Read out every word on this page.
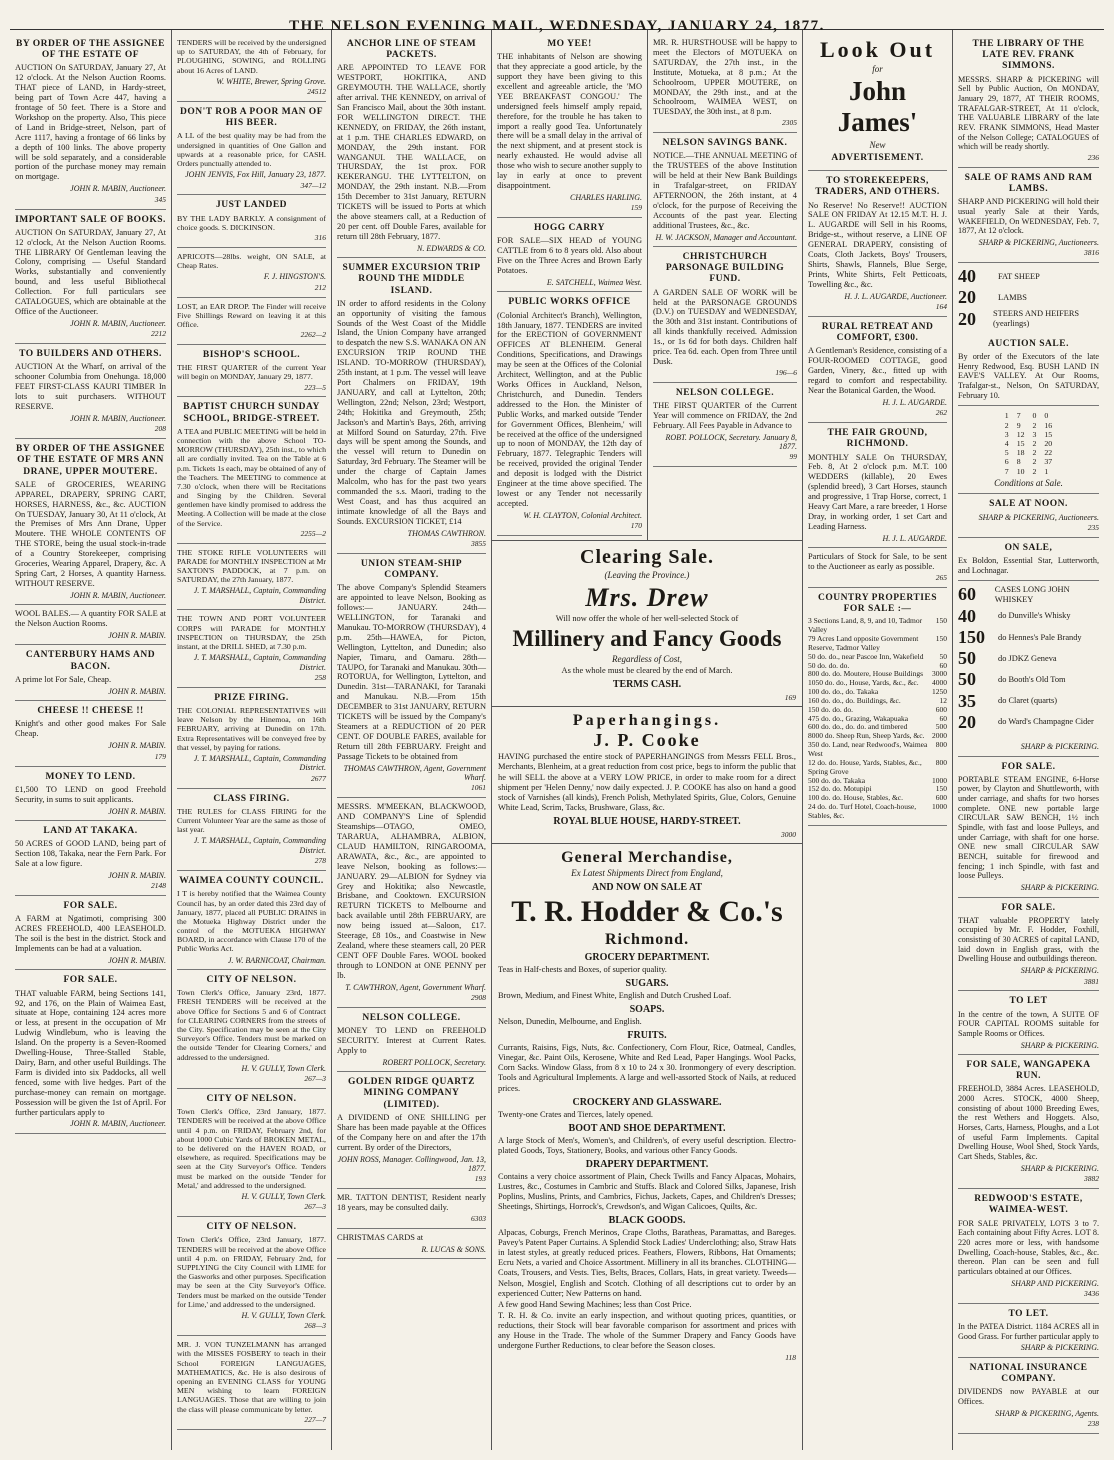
THE NELSON EVENING MAIL, WEDNESDAY, JANUARY 24, 1877.
BY ORDER OF THE ASSIGNEE OF THE ESTATE OF

AUCTION On SATURDAY, January 27, At 12 o'clock. At the Nelson Auction Rooms. THAT piece of LAND, in Hardy-street, being part of Town Acre 447, having a frontage of 50 feet. There is a Store and Workshop on the property. Also, This piece of Land in Bridge-street, Nelson, part of Acre 1117, having a frontage of 66 links by a depth of 100 links. The above property will be sold separately, and a considerable portion of the purchase money may remain on mortgage.

JOHN R. MABIN, Auctioneer.
345
IMPORTANT SALE OF BOOKS.

AUCTION On SATURDAY, January 27, At 12 o'clock, At the Nelson Auction Rooms. THE LIBRARY Of Gentleman leaving the Colony, comprising — Useful Standard Works, substantially and conveniently bound, and less useful Bibliothecal Collection. For full particulars see CATALOGUES, which are obtainable at the Office of the Auctioneer.

JOHN R. MABIN, Auctioneer.
2212
TO BUILDERS AND OTHERS.

AUCTION At the Wharf, on arrival of the schooner Columbia from Onehunga. 18,000 FEET FIRST-CLASS KAURI TIMBER In lots to suit purchasers. WITHOUT RESERVE.

JOHN R. MABIN, Auctioneer.
208
BY ORDER OF THE ASSIGNEE OF THE ESTATE OF MRS ANN DRANE, UPPER MOUTERE.

SALE of GROCERIES, WEARING APPAREL, DRAPERY, SPRING CART, HORSES, HARNESS, &c., &c. AUCTION On TUESDAY, January 30, At 11 o'clock, At the Premises of Mrs Ann Drane, Upper Moutere. THE WHOLE CONTENTS OF THE STORE, being the usual stock-in-trade of a Country Storekeeper, comprising Groceries, Wearing Apparel, Drapery, &c. A Spring Cart, 2 Horses, A quantity Harness. WITHOUT RESERVE.

JOHN R. MABIN, Auctioneer.

WOOL BALES.— A quantity FOR SALE at the Nelson Auction Rooms.

JOHN R. MABIN.
CANTERBURY HAMS AND BACON.

A prime lot For Sale, Cheap.

JOHN R. MABIN.
CHEESE !! CHEESE !!

Knight's and other good makes For Sale Cheap.

JOHN R. MABIN.
179
MONEY TO LEND.

£1,500 TO LEND on good Freehold Security, in sums to suit applicants.

JOHN R. MABIN.
LAND AT TAKAKA.

50 ACRES of GOOD LAND, being part of Section 108, Takaka, near the Fern Park. For Sale at a low figure.

JOHN R. MABIN.
2148
FOR SALE.

A FARM at Ngatimoti, comprising 300 ACRES FREEHOLD, 400 LEASEHOLD. The soil is the best in the district. Stock and Implements can be had at a valuation.

JOHN R. MABIN.
FOR SALE.

THAT valuable FARM, being Sections 141, 92, and 176, on the Plain of Waimea East, situate at Hope, containing 124 acres more or less, at present in the occupation of Mr Ludwig Windlebum, who is leaving the Island. On the property is a Seven-Roomed Dwelling-House, Three-Stalled Stable, Dairy, Barn, and other useful Buildings. The Farm is divided into six Paddocks, all well fenced, some with live hedges. Part of the purchase-money can remain on mortgage. Possession will be given the 1st of April. For further particulars apply to

JOHN R. MABIN, Auctioneer.

TENDERS will be received by the undersigned up to SATURDAY, the 4th of February, for PLOUGHING, SOWING, and ROLLING about 16 Acres of LAND.

W. WHITE, Brewer, Spring Grove.
24512
DON'T ROB A POOR MAN OF HIS BEER.

A LL of the best quality may be had from the undersigned in quantities of One Gallon and upwards at a reasonable price, for CASH. Orders punctually attended to.

JOHN JENVIS, Fox Hill, January 23, 1877.
347—12
JUST LANDED

BY THE LADY BARKLY. A consignment of choice goods. S. DICKINSON.

316

APRICOTS—28lbs. weight, ON SALE, at Cheap Rates.

F. J. HINGSTON'S.
212

LOST, an EAR DROP. The Finder will receive Five Shillings Reward on leaving it at this Office.

2262—2
BISHOP'S SCHOOL.

THE FIRST QUARTER of the current Year will begin on MONDAY, January 29, 1877.

223—5
BAPTIST CHURCH SUNDAY SCHOOL, BRIDGE-STREET.

A TEA and PUBLIC MEETING will be held in connection with the above School TO-MORROW (THURSDAY), 25th inst., to which all are cordially invited. Tea on the Table at 6 p.m. Tickets 1s each, may be obtained of any of the Teachers. The MEETING to commence at 7.30 o'clock, when there will be Recitations and Singing by the Children. Several gentlemen have kindly promised to address the Meeting. A Collection will be made at the close of the Service.

2255—2

THE STOKE RIFLE VOLUNTEERS will PARADE for MONTHLY INSPECTION at Mr SAXTON'S PADDOCK, at 7 p.m. on SATURDAY, the 27th January, 1877.

J. T. MARSHALL, Captain, Commanding District.

THE TOWN AND PORT VOLUNTEER CORPS will PARADE for MONTHLY INSPECTION on THURSDAY, the 25th instant, at the DRILL SHED, at 7.30 p.m.

J. T. MARSHALL, Captain, Commanding District.
258
PRIZE FIRING.

THE COLONIAL REPRESENTATIVES will leave Nelson by the Hinemoa, on 16th FEBRUARY, arriving at Dunedin on 17th. Extra Representatives will be conveyed free by that vessel, by paying for rations.

J. T. MARSHALL, Captain, Commanding District.
2677
CLASS FIRING.

THE RULES for CLASS FIRING for the Current Volunteer Year are the same as those of last year.

J. T. MARSHALL, Captain, Commanding District.
278
WAIMEA COUNTY COUNCIL.

I T is hereby notified that the Waimea County Council has, by an order dated this 23rd day of January, 1877, placed all PUBLIC DRAINS in the Motueka Highway District under the control of the MOTUEKA HIGHWAY BOARD, in accordance with Clause 170 of the Public Works Act.

J. W. BARNICOAT, Chairman.
CITY OF NELSON.

Town Clerk's Office, January 23rd, 1877. FRESH TENDERS will be received at the above Office for Sections 5 and 6 of Contract for CLEARING CORNERS from the streets of the City. Specification may be seen at the City Surveyor's Office. Tenders must be marked on the outside 'Tender for Clearing Corners,' and addressed to the undersigned.

H. V. GULLY, Town Clerk.
267—3
CITY OF NELSON.

Town Clerk's Office, 23rd January, 1877. TENDERS will be received at the above Office until 4 p.m. on FRIDAY, February 2nd, for about 1000 Cubic Yards of BROKEN METAL, to be delivered on the HAVEN ROAD, or elsewhere, as required. Specifications may be seen at the City Surveyor's Office. Tenders must be marked on the outside 'Tender for Metal,' and addressed to the undersigned.

H. V. GULLY, Town Clerk.
267—3
CITY OF NELSON.

Town Clerk's Office, 23rd January, 1877. TENDERS will be received at the above Office until 4 p.m. on FRIDAY, February 2nd, for SUPPLYING the City Council with LIME for the Gasworks and other purposes. Specification may be seen at the City Surveyor's Office. Tenders must be marked on the outside 'Tender for Lime,' and addressed to the undersigned.

H. V. GULLY, Town Clerk.
268—3

MR. J. VON TUNZELMANN has arranged with the MISSES FOSBERY to teach in their School FOREIGN LANGUAGES, MATHEMATICS, &c. He is also desirous of opening an EVENING CLASS for YOUNG MEN wishing to learn FOREIGN LANGUAGES. Those that are willing to join the class will please communicate by letter.

227—7
ANCHOR LINE OF STEAM PACKETS.

ARE APPOINTED TO LEAVE FOR WESTPORT, HOKITIKA, AND GREYMOUTH. THE WALLACE, shortly after arrival. THE KENNEDY, on arrival of San Francisco Mail, about the 30th instant. FOR WELLINGTON DIRECT. THE KENNEDY, on FRIDAY, the 26th instant, at 1 p.m. THE CHARLES EDWARD, on MONDAY, the 29th instant. FOR WANGANUI. THE WALLACE, on THURSDAY, the 1st prox. FOR KEKERANGU. THE LYTTELTON, on MONDAY, the 29th instant. N.B.—From 15th December to 31st January, RETURN TICKETS will be issued to Ports at which the above steamers call, at a Reduction of 20 per cent. off Double Fares, available for return till 28th February, 1877.

N. EDWARDS & CO.
SUMMER EXCURSION TRIP ROUND THE MIDDLE ISLAND.

IN order to afford residents in the Colony an opportunity of visiting the famous Sounds of the West Coast of the Middle Island, the Union Company have arranged to despatch the new S.S. WANAKA ON AN EXCURSION TRIP ROUND THE ISLAND. TO-MORROW (THURSDAY), 25th instant, at 1 p.m. The vessel will leave Port Chalmers on FRIDAY, 19th JANUARY, and call at Lyttelton, 20th; Wellington, 22nd; Nelson, 23rd; Westport, 24th; Hokitika and Greymouth, 25th; Jackson's and Martin's Bays, 26th, arriving at Milford Sound on Saturday, 27th. Five days will be spent among the Sounds, and the vessel will return to Dunedin on Saturday, 3rd February. The Steamer will be under the charge of Captain James Malcolm, who has for the past two years commanded the s.s. Maori, trading to the West Coast, and has thus acquired an intimate knowledge of all the Bays and Sounds. EXCURSION TICKET, £14

THOMAS CAWTHRON.
3855
UNION STEAM-SHIP COMPANY.

The above Company's Splendid Steamers are appointed to leave Nelson, Booking as follows:— JANUARY. 24th—WELLINGTON, for Taranaki and Manukau. TO-MORROW (THURSDAY), 4 p.m. 25th—HAWEA, for Picton, Wellington, Lyttelton, and Dunedin; also Napier, Timaru, and Oamaru. 28th—TAUPO, for Taranaki and Manukau. 30th—ROTORUA, for Wellington, Lyttelton, and Dunedin. 31st—TARANAKI, for Taranaki and Manukau. N.B.—From 15th DECEMBER to 31st JANUARY, RETURN TICKETS will be issued by the Company's Steamers at a REDUCTION of 20 PER CENT. OF DOUBLE FARES, available for Return till 28th FEBRUARY. Freight and Passage Tickets to be obtained from

THOMAS CAWTHRON, Agent, Government Wharf.
1061

MESSRS. M'MEEKAN, BLACKWOOD, AND COMPANY'S Line of Splendid Steamships—OTAGO, OMEO, TARARUA, ALHAMBRA, ALBION, CLAUD HAMILTON, RINGAROOMA, ARAWATA, &c., &c., are appointed to leave Nelson, booking as follows:— JANUARY. 29—ALBION for Sydney via Grey and Hokitika; also Newcastle, Brisbane, and Cooktown. EXCURSION RETURN TICKETS to Melbourne and back available until 28th FEBRUARY, are now being issued at—Saloon, £17. Steerage, £8 10s., and Coastwise in New Zealand, where these steamers call, 20 PER CENT OFF Double Fares. WOOL booked through to LONDON at ONE PENNY per lb.

T. CAWTHRON, Agent, Government Wharf.
2908
NELSON COLLEGE.

MONEY TO LEND on FREEHOLD SECURITY. Interest at Current Rates. Apply to

ROBERT POLLOCK, Secretary.
GOLDEN RIDGE QUARTZ MINING COMPANY (LIMITED).

A DIVIDEND of ONE SHILLING per Share has been made payable at the Offices of the Company here on and after the 17th current. By order of the Directors,

JOHN ROSS, Manager. Collingwood, Jan. 13, 1877.
193

MR. TATTON DENTIST, Resident nearly 18 years, may be consulted daily.

6303

CHRISTMAS CARDS at

R. LUCAS & SONS.
MO YEE!

THE inhabitants of Nelson are showing that they appreciate a good article, by the support they have been giving to this excellent and agreeable article, the 'MO YEE BREAKFAST CONGOU.' The undersigned feels himself amply repaid, therefore, for the trouble he has taken to import a really good Tea. Unfortunately there will be a small delay in the arrival of the next shipment, and at present stock is nearly exhausted. He would advise all those who wish to secure another supply to lay in early at once to prevent disappointment.

CHARLES HARLING.
159
HOGG CARRY

FOR SALE—SIX HEAD of YOUNG CATTLE from 6 to 8 years old. Also about Five on the Three Acres and Brown Early Potatoes.

E. SATCHELL, Waimea West.
PUBLIC WORKS OFFICE

(Colonial Architect's Branch), Wellington, 18th January, 1877. TENDERS are invited for the ERECTION of GOVERNMENT OFFICES AT BLENHEIM. General Conditions, Specifications, and Drawings may be seen at the Offices of the Colonial Architect, Wellington, and at the Public Works Offices in Auckland, Nelson, Christchurch, and Dunedin. Tenders addressed to the Hon. the Minister of Public Works, and marked outside 'Tender for Government Offices, Blenheim,' will be received at the office of the undersigned up to noon of MONDAY, the 12th day of February, 1877. Telegraphic Tenders will be received, provided the original Tender and deposit is lodged with the District Engineer at the time above specified. The lowest or any Tender not necessarily accepted.

W. H. CLAYTON, Colonial Architect.
170

MR. R. HURSTHOUSE will be happy to meet the Electors of MOTUEKA on SATURDAY, the 27th inst., in the Institute, Motueka, at 8 p.m.; At the Schoolroom, UPPER MOUTERE, on MONDAY, the 29th inst., and at the Schoolroom, WAIMEA WEST, on TUESDAY, the 30th inst., at 8 p.m.

2305
NELSON SAVINGS BANK.

NOTICE.—THE ANNUAL MEETING of the TRUSTEES of the above Institution will be held at their New Bank Buildings in Trafalgar-street, on FRIDAY AFTERNOON, the 26th instant, at 4 o'clock, for the purpose of Receiving the Accounts of the past year. Electing additional Trustees, &c., &c.

H. W. JACKSON, Manager and Accountant.
CHRISTCHURCH PARSONAGE BUILDING FUND.

A GARDEN SALE OF WORK will be held at the PARSONAGE GROUNDS (D.V.) on TUESDAY and WEDNESDAY, the 30th and 31st instant. Contributions of all kinds thankfully received. Admission 1s., or 1s 6d for both days. Children half price. Tea 6d. each. Open from Three until Dusk.

196—6
NELSON COLLEGE.

THE FIRST QUARTER of the Current Year will commence on FRIDAY, the 2nd February. All Fees Payable in Advance to

ROBT. POLLOCK, Secretary. January 8, 1877.
99
Clearing Sale.
(Leaving the Province.)
Mrs. Drew

Will now offer the whole of her well-selected Stock of

Millinery and Fancy Goods
Regardless of Cost,

As the whole must be cleared by the end of March.

TERMS CASH.
169
Paperhangings.
J. P. Cooke

HAVING purchased the entire stock of PAPERHANGINGS from Messrs FELL Bros., Merchants, Blenheim, at a great reduction from cost price, begs to inform the public that he will SELL the above at a VERY LOW PRICE, in order to make room for a direct shipment per 'Helen Denny,' now daily expected. J. P. COOKE has also on hand a good stock of Varnishes (all kinds), French Polish, Methylated Spirits, Glue, Colors, Genuine White Lead, Scrim, Tacks, Brushware, Glass, &c.

ROYAL BLUE HOUSE, HARDY-STREET.
3000
General Merchandise,
Ex Latest Shipments Direct from England,
AND NOW ON SALE AT
T. R. Hodder & Co.'s
Richmond.
GROCERY DEPARTMENT.

Teas in Half-chests and Boxes, of superior quality.

SUGARS.

Brown, Medium, and Finest White, English and Dutch Crushed Loaf.

SOAPS.

Nelson, Dunedin, Melbourne, and English.

FRUITS.

Currants, Raisins, Figs, Nuts, &c. Confectionery, Corn Flour, Rice, Oatmeal, Candles, Vinegar, &c. Paint Oils, Kerosene, White and Red Lead, Paper Hangings. Wool Packs, Corn Sacks. Window Glass, from 8 x 10 to 24 x 30. Ironmongery of every description. Tools and Agricultural Implements. A large and well-assorted Stock of Nails, at reduced prices.

CROCKERY AND GLASSWARE.

Twenty-one Crates and Tierces, lately opened.

BOOT AND SHOE DEPARTMENT.

A large Stock of Men's, Women's, and Children's, of every useful description. Electro-plated Goods, Toys, Stationery, Books, and various other Fancy Goods.

DRAPERY DEPARTMENT.

Contains a very choice assortment of Plain, Check Twills and Fancy Alpacas, Mohairs, Lustres, &c., Costumes in Cambric and Stuffs. Black and Colored Silks, Japanese, Irish Poplins, Muslins, Prints, and Cambrics, Fichus, Jackets, Capes, and Children's Dresses; Sheetings, Shirtings, Horrock's, Crewdson's, and Wigan Calicoes, Quilts, &c.

BLACK GOODS.

Alpacas, Coburgs, French Merinos, Crape Cloths, Baratheas, Paramattas, and Bareges. Pavey's Patent Paper Curtains. A Splendid Stock Ladies' Underclothing; also, Straw Hats in latest styles, at greatly reduced prices. Feathers, Flowers, Ribbons, Hat Ornaments; Ecru Nets, a varied and Choice Assortment. Millinery in all its branches. CLOTHING—Coats, Trousers, and Vests. Ties, Belts, Braces, Collars, Hats, in great variety. Tweeds—Nelson, Mosgiel, English and Scotch. Clothing of all descriptions cut to order by an experienced Cutter; New Patterns on hand.

A few good Hand Sewing Machines; less than Cost Price.

T. R. H. & Co. invite an early inspection, and without quoting prices, quantities, or reductions, their Stock will bear favorable comparison for assortment and prices with any House in the Trade. The whole of the Summer Drapery and Fancy Goods have undergone Further Reductions, to clear before the Season closes.

118
Look Out
for
John James'
New
ADVERTISEMENT.
TO STOREKEEPERS, TRADERS, AND OTHERS.

No Reserve! No Reserve!! AUCTION SALE ON FRIDAY At 12.15 M.T. H. J. L. AUGARDE will Sell in his Rooms, Bridge-st., without reserve, a LINE OF GENERAL DRAPERY, consisting of Coats, Cloth Jackets, Boys' Trousers, Shirts, Shawls, Flannels, Blue Serge, Prints, White Shirts, Felt Petticoats, Towelling &c., &c.

H. J. L. AUGARDE, Auctioneer.
164
RURAL RETREAT AND COMFORT, £300.

A Gentleman's Residence, consisting of a FOUR-ROOMED COTTAGE, good Garden, Vinery, &c., fitted up with regard to comfort and respectability. Near the Botanical Garden, the Wood.

H. J. L. AUGARDE.
262
THE FAIR GROUND, RICHMOND.

MONTHLY SALE On THURSDAY, Feb. 8, At 2 o'clock p.m. M.T. 100 WEDDERS (killable), 20 Ewes (splendid breed), 3 Cart Horses, staunch and progressive, 1 Trap Horse, correct, 1 Heavy Cart Mare, a rare breeder, 1 Horse Dray, in working order, 1 set Cart and Leading Harness.

H. J. L. AUGARDE.

Particulars of Stock for Sale, to be sent to the Auctioneer as early as possible.

265
COUNTRY PROPERTIES FOR SALE :—
3 Sections Land, 8, 9, and 10, Tadmor Valley
150
79 Acres Land opposite Government Reserve, Tadmor Valley
150
50 do. do., near Pascoe Inn, Wakefield 50
50 do. do. do.	60
800 do. do. Moutere, House Buildings 3000
1050 do. do., House, Yards, &c., &c. 4000
100 do. do., do. Takaka	1250
160 do. do., do. Buildings, &c.	12
150 do. do. do.	600
475 do. do., Grazing, Wakapuaka	60
600 do. do., do. do. and timbered	500
8000 do. Sheep Run, Sheep Yards, &c. 2000
350 do. Land, near Redwood's, Waimea West
800
12 do. do. House, Yards, Stables, &c., Spring Grove
800
500 do. do. Takaka	1000
152 do. do. Motupipi	150
100 do. do. House, Stables, &c.	600
24 do. do. Turf Hotel, Coach-house, Stables, &c.
1000
THE LIBRARY OF THE LATE REV. FRANK SIMMONS.

MESSRS. SHARP & PICKERING will Sell by Public Auction, On MONDAY, January 29, 1877, AT THEIR ROOMS, TRAFALGAR-STREET, At 11 o'clock, THE VALUABLE LIBRARY of the late REV. FRANK SIMMONS, Head Master of the Nelson College; CATALOGUES of which will be ready shortly.

236
SALE OF RAMS AND RAM LAMBS.

SHARP AND PICKERING will hold their usual yearly Sale at their Yards, WAKEFIELD, On WEDNESDAY, Feb. 7, 1877, At 12 o'clock.

SHARP & PICKERING, Auctioneers.
3816
40	FAT SHEEP
20	LAMBS
20	STEERS AND HEIFERS (yearlings)
AUCTION SALE.

By order of the Executors of the late Henry Redwood, Esq. BUSH LAND IN EAVE'S VALLEY. At Our Rooms, Trafalgar-st., Nelson, On SATURDAY, February 10.

1	7	0	0
2	9	2	16
3	12	3	15
4	15	2	20
5	18	2	22
6	8	2	37
7	10	2	1
Conditions at Sale.
SALE AT NOON.
SHARP & PICKERING, Auctioneers.
235
ON SALE,

Ex Boldon, Essential Star, Lutterworth, and Lochnagar.

60	CASES LONG JOHN WHISKEY
40	do Dunville's Whisky
150	do Hennes's Pale Brandy
50	do JDKZ Geneva
50	do Booth's Old Tom
35	do Claret (quarts)
20	do Ward's Champagne Cider
SHARP & PICKERING.
FOR SALE.

PORTABLE STEAM ENGINE, 6-Horse power, by Clayton and Shuttleworth, with under carriage, and shafts for two horses complete. ONE new portable large CIRCULAR SAW BENCH, 1½ inch Spindle, with fast and loose Pulleys, and under Carriage, with shaft for one horse. ONE new small CIRCULAR SAW BENCH, suitable for firewood and fencing; 1 inch Spindle, with fast and loose Pulleys.

SHARP & PICKERING.
FOR SALE.

THAT valuable PROPERTY lately occupied by Mr. F. Hodder, Foxhill, consisting of 30 ACRES of capital LAND, laid down in English grass, with the Dwelling House and outbuildings thereon.

SHARP & PICKERING.
3881
TO LET

In the centre of the town, A SUITE OF FOUR CAPITAL ROOMS suitable for Sample Rooms or Offices.

SHARP & PICKERING.
FOR SALE, WANGAPEKA RUN.

FREEHOLD, 3884 Acres. LEASEHOLD, 2000 Acres. STOCK, 4000 Sheep, consisting of about 1000 Breeding Ewes, the rest Wethers and Hoggets. Also, Horses, Carts, Harness, Ploughs, and a Lot of useful Farm Implements. Capital Dwelling House, Wool Shed, Stock Yards, Cart Sheds, Stables, &c.

SHARP & PICKERING.
3882
REDWOOD'S ESTATE, WAIMEA-WEST.

FOR SALE PRIVATELY, LOTS 3 to 7. Each containing about Fifty Acres. LOT 8. 220 acres more or less, with handsome Dwelling, Coach-house, Stables, &c., &c. thereon. Plan can be seen and full particulars obtained at our Offices.

SHARP AND PICKERING.
3436
TO LET.

In the PATEA District. 1184 ACRES all in Good Grass. For further particular apply to

SHARP & PICKERING.
NATIONAL INSURANCE COMPANY.

DIVIDENDS now PAYABLE at our Offices.

SHARP & PICKERING, Agents.
238
